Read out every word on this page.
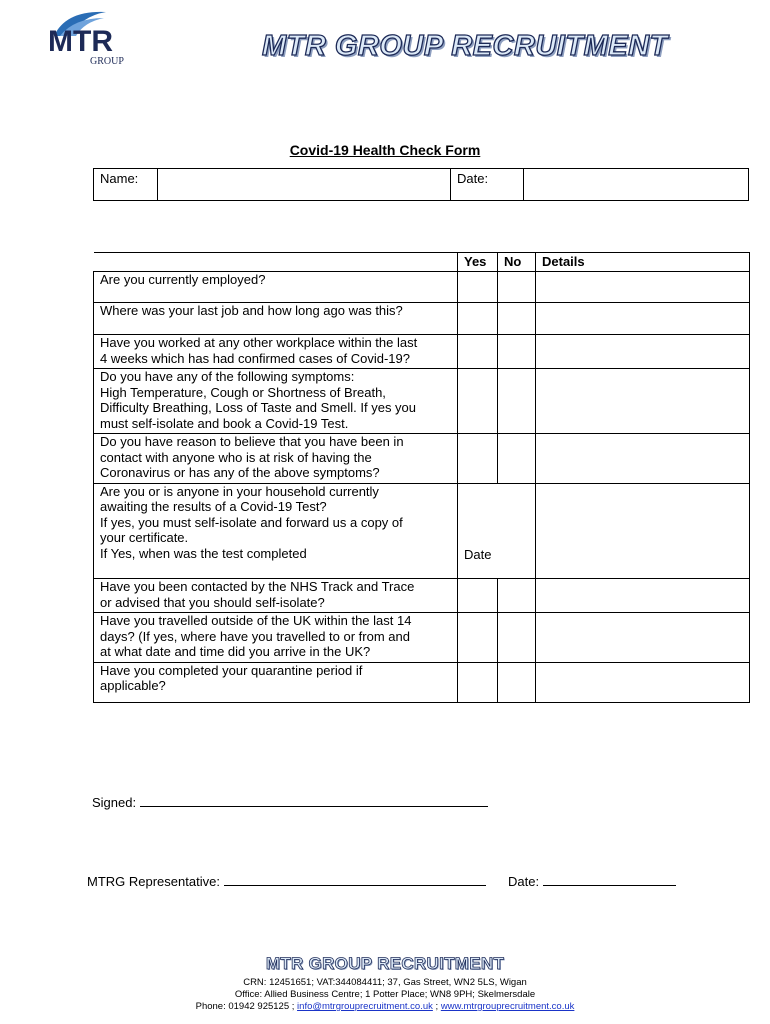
MTR
GROUP	MTR GROUP RECRUITMENT
Covid-19 Health Check Form
Name:		Date:	
	Yes	No	Details

Are you currently employed?			

Where was your last job and how long ago was this?			

Have you worked at any other workplace within the last
4 weeks which has had confirmed cases of Covid-19?			

Do you have any of the following symptoms:
High Temperature, Cough or Shortness of Breath,
Difficulty Breathing, Loss of Taste and Smell. If yes you
must self-isolate and book a Covid-19 Test.			

Do you have reason to believe that you have been in
contact with anyone who is at risk of having the
Coronavirus or has any of the above symptoms?			

Are you or is anyone in your household currently
awaiting the results of a Covid-19 Test?
If yes, you must self-isolate and forward us a copy of
your certificate.
If Yes, when was the test completed	Date		

Have you been contacted by the NHS Track and Trace
or advised that you should self-isolate?			

Have you travelled outside of the UK within the last 14
days? (If yes, where have you travelled to or from and
at what date and time did you arrive in the UK?			

Have you completed your quarantine period if
applicable?			

Signed:
MTRG Representative:	Date:
MTR GROUP RECRUITMENT
CRN: 12451651; VAT:344084411; 37, Gas Street, WN2 5LS, Wigan
Office: Allied Business Centre; 1 Potter Place; WN8 9PH; Skelmersdale
Phone: 01942 925125 ; info@mtrgrouprecruitment.co.uk ; www.mtrgrouprecruitment.co.uk
